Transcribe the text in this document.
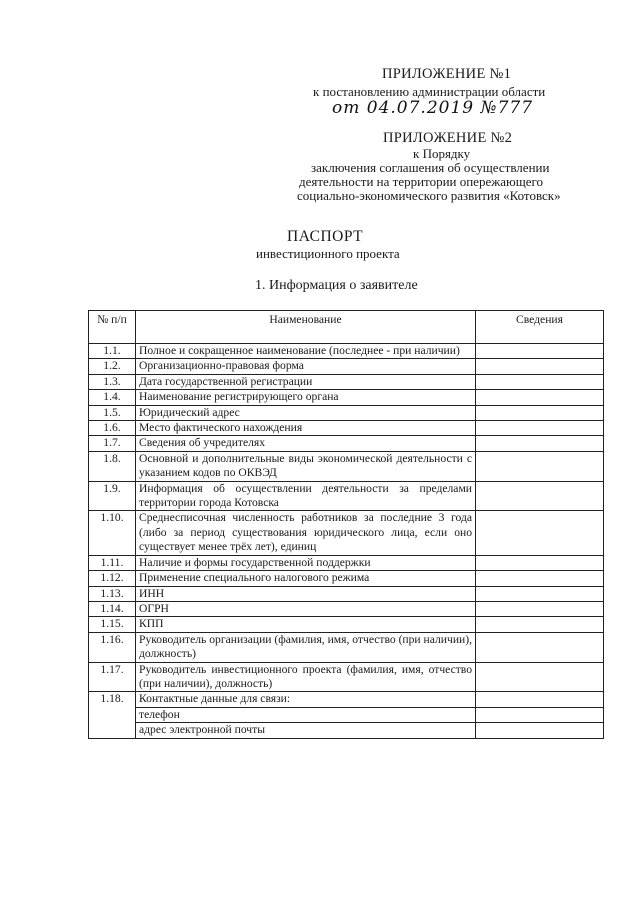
ПРИЛОЖЕНИЕ №1
к постановлению администрации области
от 04.07.2019 №777
ПРИЛОЖЕНИЕ №2
к Порядку
заключения соглашения об осуществлении
деятельности на территории опережающего
социально-экономического развития «Котовск»
ПАСПОРТ
инвестиционного проекта
1. Информация о заявителе
№ п/п	Наименование	Сведения
1.1.	Полное и сокращенное наименование (последнее - при наличии)	
1.2.	Организационно-правовая форма	
1.3.	Дата государственной регистрации	
1.4.	Наименование регистрирующего органа	
1.5.	Юридический адрес	
1.6.	Место фактического нахождения	
1.7.	Сведения об учредителях	
1.8.	Основной и дополнительные виды экономической деятельности с указанием кодов по ОКВЭД	
1.9.	Информация об осуществлении деятельности за пределами территории города Котовска	
1.10.	Среднесписочная численность работников за последние 3 года (либо за период существования юридического лица, если оно существует менее трёх лет), единиц	
1.11.	Наличие и формы государственной поддержки	
1.12.	Применение специального налогового режима	
1.13.	ИНН	
1.14.	ОГРН	
1.15.	КПП	
1.16.	Руководитель организации (фамилия, имя, отчество (при наличии), должность)	
1.17.	Руководитель инвестиционного проекта (фамилия, имя, отчество (при наличии), должность)	
1.18.	Контактные данные для связи:	
	телефон	
	адрес электронной почты	
